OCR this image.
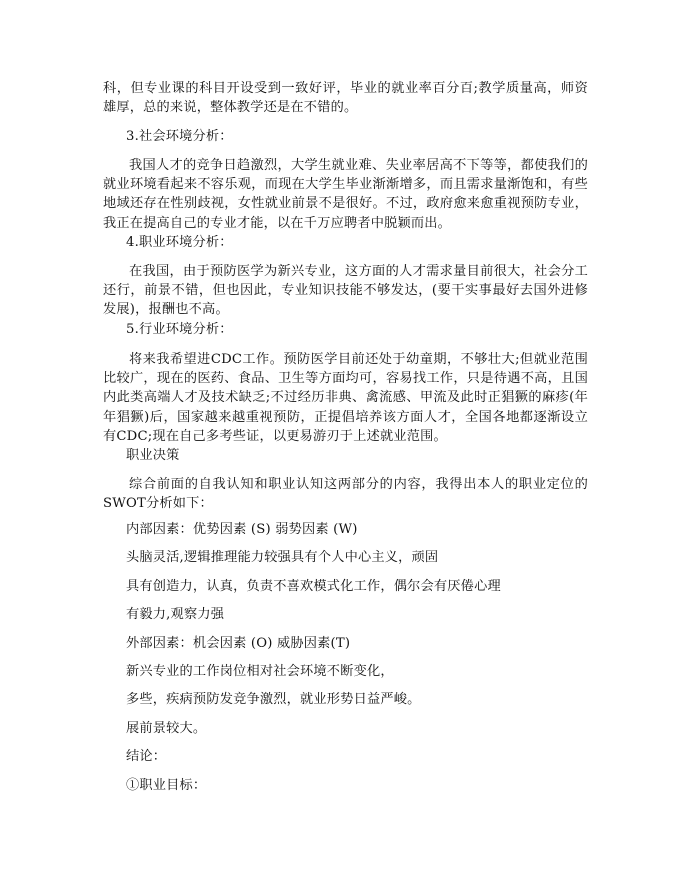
科，但专业课的科目开设受到一致好评，毕业的就业率百分百;教学质量高，师资雄厚，总的来说，整体教学还是在不错的。

3.社会环境分析：

我国人才的竞争日趋激烈，大学生就业难、失业率居高不下等等，都使我们的就业环境看起来不容乐观，而现在大学生毕业渐渐增多，而且需求量渐饱和，有些地域还存在性别歧视，女性就业前景不是很好。不过，政府愈来愈重视预防专业，我正在提高自己的专业才能，以在千万应聘者中脱颖而出。

4.职业环境分析：

在我国，由于预防医学为新兴专业，这方面的人才需求量目前很大，社会分工还行，前景不错，但也因此，专业知识技能不够发达，(要干实事最好去国外进修发展)，报酬也不高。

5.行业环境分析：

将来我希望进CDC工作。预防医学目前还处于幼童期，不够壮大;但就业范围比较广，现在的医药、食品、卫生等方面均可，容易找工作，只是待遇不高，且国内此类高端人才及技术缺乏;不过经历非典、禽流感、甲流及此时正猖獗的麻疹(年年猖獗)后，国家越来越重视预防，正提倡培养该方面人才，全国各地都逐渐设立有CDC;现在自己多考些证，以更易游刃于上述就业范围。

职业决策

综合前面的自我认知和职业认知这两部分的内容，我得出本人的职业定位的SWOT分析如下：

内部因素：优势因素 (S) 弱势因素 (W)

头脑灵活,逻辑推理能力较强具有个人中心主义，顽固

具有创造力，认真，负责不喜欢模式化工作，偶尔会有厌倦心理

有毅力,观察力强

外部因素：机会因素 (O) 威胁因素(T)

新兴专业的工作岗位相对社会环境不断变化，

多些，疾病预防发竞争激烈，就业形势日益严峻。

展前景较大。

结论：

①职业目标：
